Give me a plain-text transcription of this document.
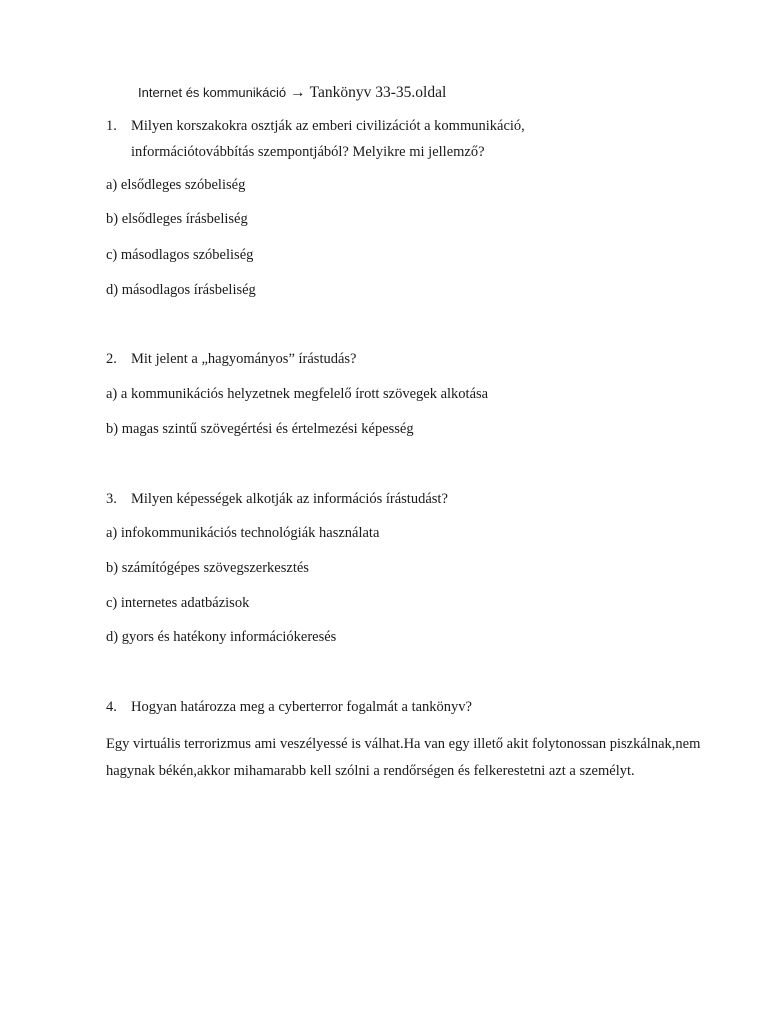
Internet és kommunikáció → Tankönyv 33-35.oldal
1. Milyen korszakokra osztják az emberi civilizációt a kommunikáció, információtovábbítás szempontjából? Melyikre mi jellemző?
a) elsődleges szóbeliség
b) elsődleges írásbeliség
c) másodlagos szóbeliség
d) másodlagos írásbeliség
2. Mit jelent a „hagyományos” írástudás?
a) a kommunikációs helyzetnek megfelelő írott szövegek alkotása
b) magas szintű szövegértési és értelmezési képesség
3. Milyen képességek alkotják az információs írástudást?
a) infokommunikációs technológiák használata
b) számítógépes szövegszerkesztés
c) internetes adatbázisok
d) gyors és hatékony információkeresés
4. Hogyan határozza meg a cyberterror fogalmát a tankönyv?
Egy virtuális terrorizmus ami veszélyessé is válhat.Ha van egy illető akit folytonossan piszkálnak,nem hagynak békén,akkor mihamarabb kell szólni a rendőrségen és felkerestetni azt a személyt.
